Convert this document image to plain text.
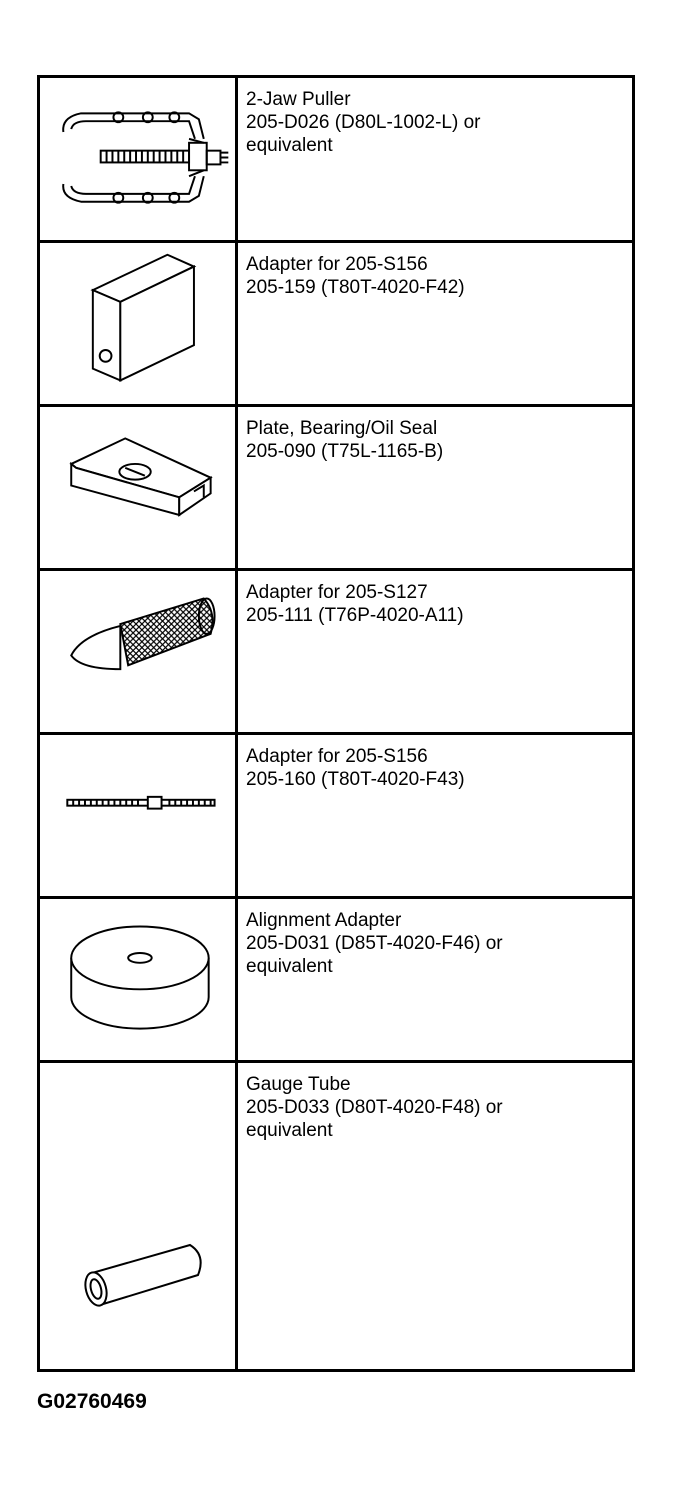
2-Jaw Puller
205-D026 (D80L-1002-L) or
equivalent
Adapter for 205-S156
205-159 (T80T-4020-F42)
Plate, Bearing/Oil Seal
205-090 (T75L-1165-B)
Adapter for 205-S127
205-111 (T76P-4020-A11)
Adapter for 205-S156
205-160 (T80T-4020-F43)
Alignment Adapter
205-D031 (D85T-4020-F46) or
equivalent
Gauge Tube
205-D033 (D80T-4020-F48) or
equivalent
G02760469
